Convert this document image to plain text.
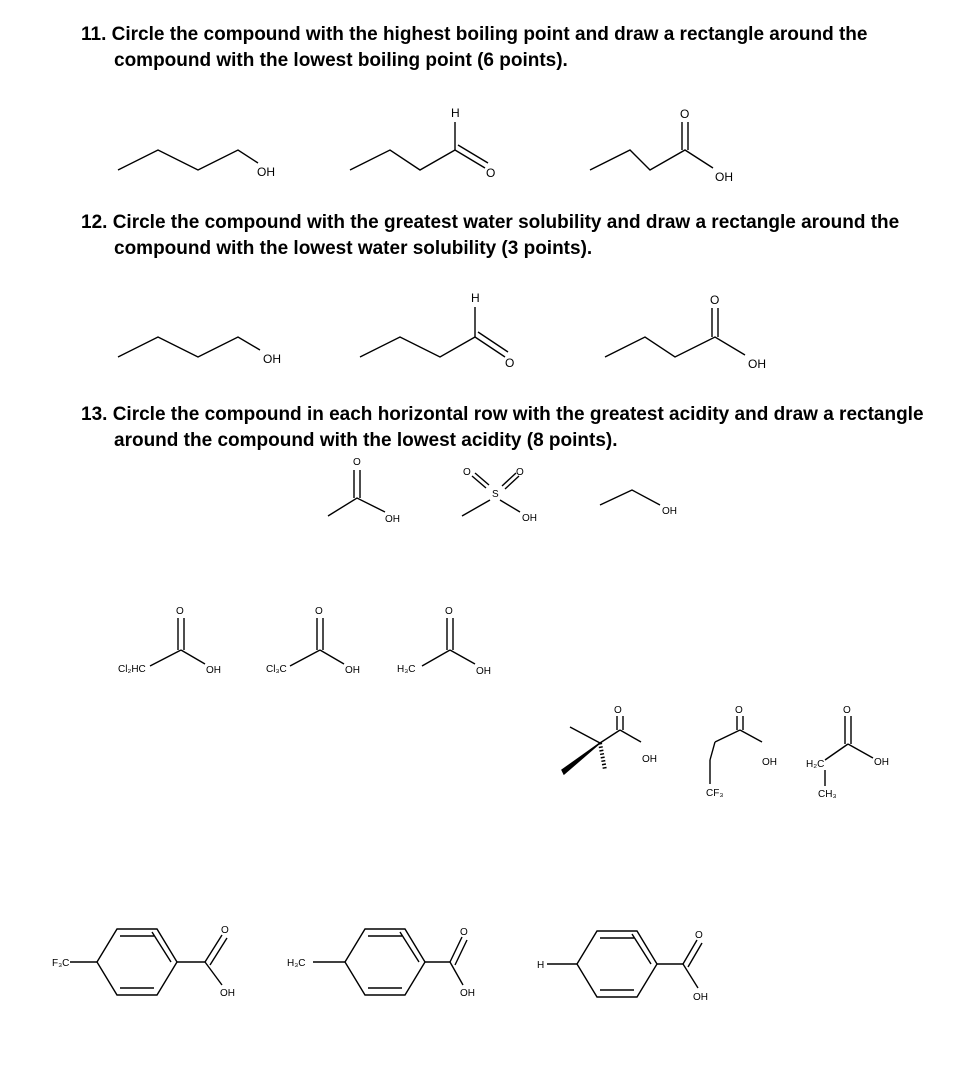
11. Circle the compound with the highest boiling point and draw a rectangle around the compound with the lowest boiling point (6 points).
12. Circle the compound with the greatest water solubility and draw a rectangle around the compound with the lowest water solubility (3 points).
13. Circle the compound in each horizontal row with the greatest acidity and draw a rectangle around the compound with the lowest acidity (8 points).
OH
H
O
O
OH
OH
H
O
O
OH
O
OH
S
O	O
OH
OH
O
Cl₂HC	OH
O
Cl₃C	OH
O
H₃C	OH
O
OH
O
OH
CF₃
O
H₂C	OH
CH₃
F₃C
O
OH
H₃C
O
OH
H
O
OH
